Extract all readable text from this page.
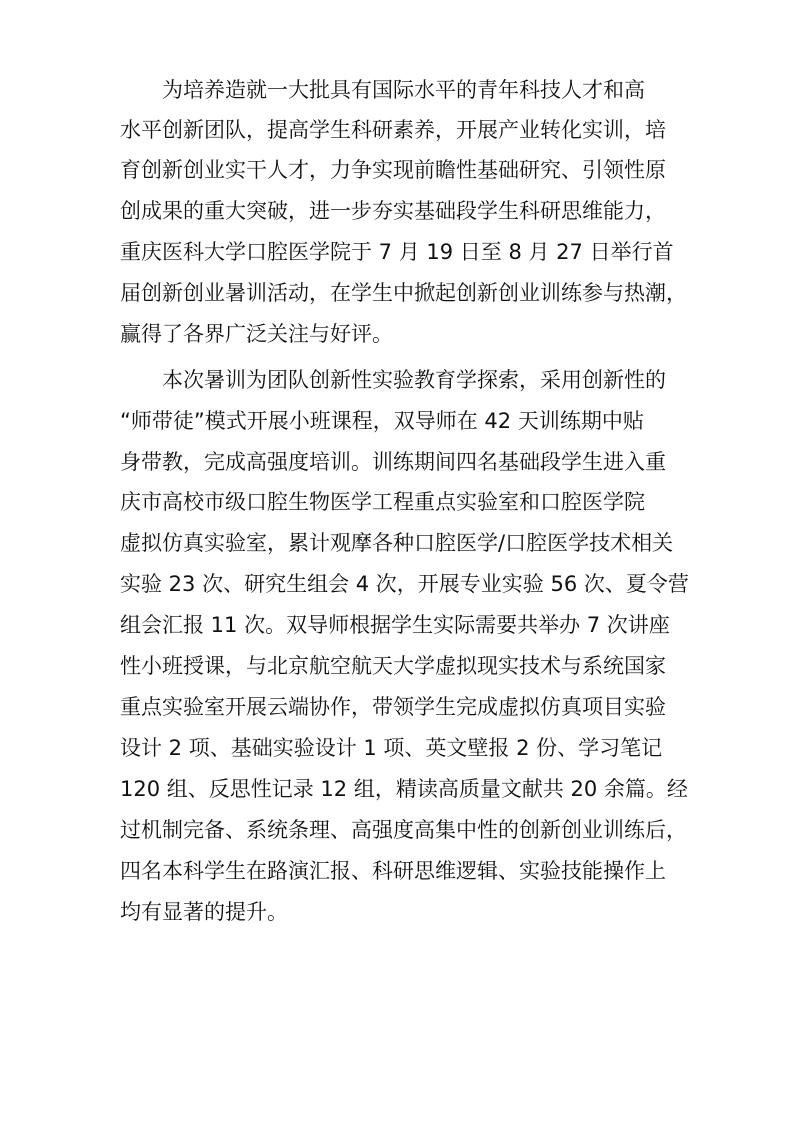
为培养造就一大批具有国际水平的青年科技人才和高
水平创新团队，提高学生科研素养，开展产业转化实训，培
育创新创业实干人才，力争实现前瞻性基础研究、引领性原
创成果的重大突破，进一步夯实基础段学生科研思维能力，
重庆医科大学口腔医学院于 7 月 19 日至 8 月 27 日举行首
届创新创业暑训活动，在学生中掀起创新创业训练参与热潮，
赢得了各界广泛关注与好评。
本次暑训为团队创新性实验教育学探索，采用创新性的
“师带徒”模式开展小班课程，双导师在 42 天训练期中贴
身带教，完成高强度培训。训练期间四名基础段学生进入重
庆市高校市级口腔生物医学工程重点实验室和口腔医学院
虚拟仿真实验室，累计观摩各种口腔医学/口腔医学技术相关
实验 23 次、研究生组会 4 次，开展专业实验 56 次、夏令营
组会汇报 11 次。双导师根据学生实际需要共举办 7 次讲座
性小班授课，与北京航空航天大学虚拟现实技术与系统国家
重点实验室开展云端协作，带领学生完成虚拟仿真项目实验
设计 2 项、基础实验设计 1 项、英文壁报 2 份、学习笔记
120 组、反思性记录 12 组，精读高质量文献共 20 余篇。经
过机制完备、系统条理、高强度高集中性的创新创业训练后，
四名本科学生在路演汇报、科研思维逻辑、实验技能操作上
均有显著的提升。
